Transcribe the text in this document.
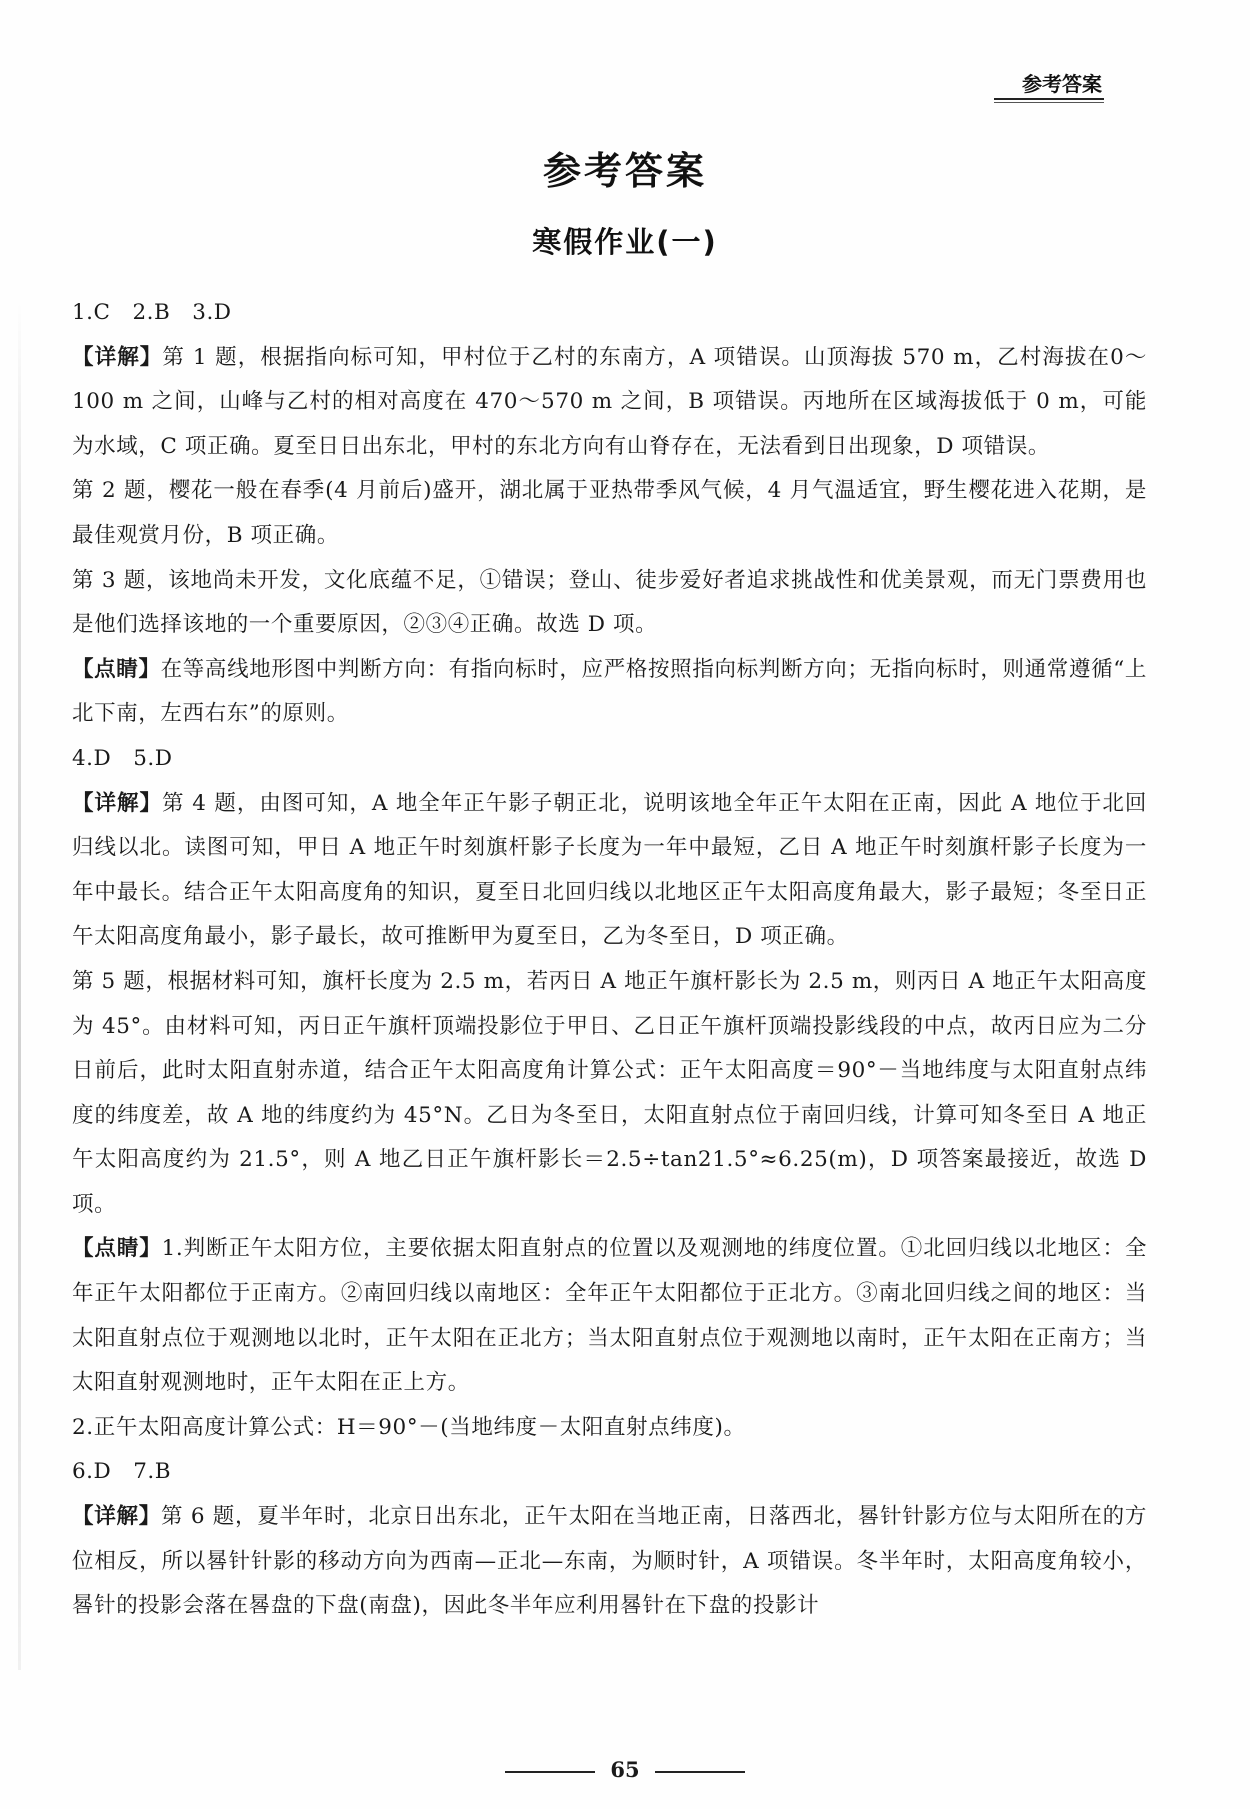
参考答案
参考答案
寒假作业(一)

1.C　2.B　3.D

【详解】第 1 题，根据指向标可知，甲村位于乙村的东南方，A 项错误。山顶海拔 570 m，乙村海拔在0～100 m 之间，山峰与乙村的相对高度在 470～570 m 之间，B 项错误。丙地所在区域海拔低于 0 m，可能为水域，C 项正确。夏至日日出东北，甲村的东北方向有山脊存在，无法看到日出现象，D 项错误。

第 2 题，樱花一般在春季(4 月前后)盛开，湖北属于亚热带季风气候，4 月气温适宜，野生樱花进入花期，是最佳观赏月份，B 项正确。

第 3 题，该地尚未开发，文化底蕴不足，①错误；登山、徒步爱好者追求挑战性和优美景观，而无门票费用也是他们选择该地的一个重要原因，②③④正确。故选 D 项。

【点睛】在等高线地形图中判断方向：有指向标时，应严格按照指向标判断方向；无指向标时，则通常遵循“上北下南，左西右东”的原则。

4.D　5.D

【详解】第 4 题，由图可知，A 地全年正午影子朝正北，说明该地全年正午太阳在正南，因此 A 地位于北回归线以北。读图可知，甲日 A 地正午时刻旗杆影子长度为一年中最短，乙日 A 地正午时刻旗杆影子长度为一年中最长。结合正午太阳高度角的知识，夏至日北回归线以北地区正午太阳高度角最大，影子最短；冬至日正午太阳高度角最小，影子最长，故可推断甲为夏至日，乙为冬至日，D 项正确。

第 5 题，根据材料可知，旗杆长度为 2.5 m，若丙日 A 地正午旗杆影长为 2.5 m，则丙日 A 地正午太阳高度为 45°。由材料可知，丙日正午旗杆顶端投影位于甲日、乙日正午旗杆顶端投影线段的中点，故丙日应为二分日前后，此时太阳直射赤道，结合正午太阳高度角计算公式：正午太阳高度＝90°－当地纬度与太阳直射点纬度的纬度差，故 A 地的纬度约为 45°N。乙日为冬至日，太阳直射点位于南回归线，计算可知冬至日 A 地正午太阳高度约为 21.5°，则 A 地乙日正午旗杆影长＝2.5÷tan21.5°≈6.25(m)，D 项答案最接近，故选 D 项。

【点睛】1.判断正午太阳方位，主要依据太阳直射点的位置以及观测地的纬度位置。①北回归线以北地区：全年正午太阳都位于正南方。②南回归线以南地区：全年正午太阳都位于正北方。③南北回归线之间的地区：当太阳直射点位于观测地以北时，正午太阳在正北方；当太阳直射点位于观测地以南时，正午太阳在正南方；当太阳直射观测地时，正午太阳在正上方。

2.正午太阳高度计算公式：H＝90°－(当地纬度－太阳直射点纬度)。

6.D　7.B

【详解】第 6 题，夏半年时，北京日出东北，正午太阳在当地正南，日落西北，晷针针影方位与太阳所在的方位相反，所以晷针针影的移动方向为西南—正北—东南，为顺时针，A 项错误。冬半年时，太阳高度角较小，晷针的投影会落在晷盘的下盘(南盘)，因此冬半年应利用晷针在下盘的投影计

65
